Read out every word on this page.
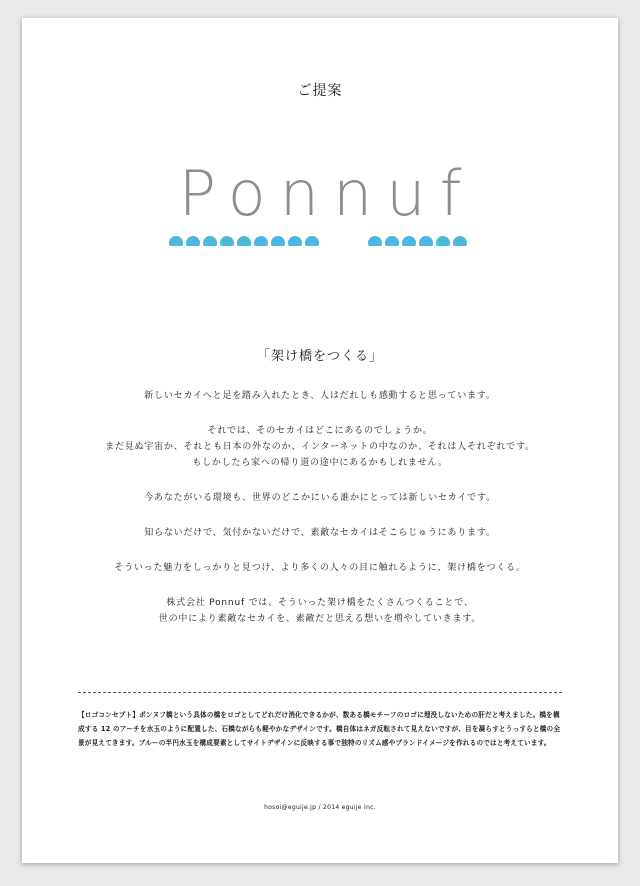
ご提案
Ponnuf
「架け橋をつくる」

新しいセカイへと足を踏み入れたとき、人はだれしも感動すると思っています。

それでは、そのセカイはどこにあるのでしょうか。
まだ見ぬ宇宙か、それとも日本の外なのか、インターネットの中なのか、それは人それぞれです。
もしかしたら家への帰り道の途中にあるかもしれません。

今あなたがいる環境も、世界のどこかにいる誰かにとっては新しいセカイです。

知らないだけで、気付かないだけで、素敵なセカイはそこらじゅうにあります。

そういった魅力をしっかりと見つけ、より多くの人々の目に触れるように、架け橋をつくる。

株式会社 Ponnuf では、そういった架け橋をたくさんつくることで、
世の中により素敵なセカイを、素敵だと思える想いを増やしていきます。

【ロゴコンセプト】ポンヌフ橋という具体の橋をロゴとしてどれだけ消化できるかが、数ある橋モチーフのロゴに埋没しないための肝だと考えました。橋を構成する 12 のアーチを水玉のように配置した、石橋ながらも軽やかなデザインです。橋自体はネガ反転されて見えないですが、目を凝らすとうっすらと橋の全景が見えてきます。ブルーの半円水玉を構成要素としてサイトデザインに反映する事で独特のリズム感やブランドイメージを作れるのではと考えています。
hosoi@eguije.jp / 2014 eguije inc.
